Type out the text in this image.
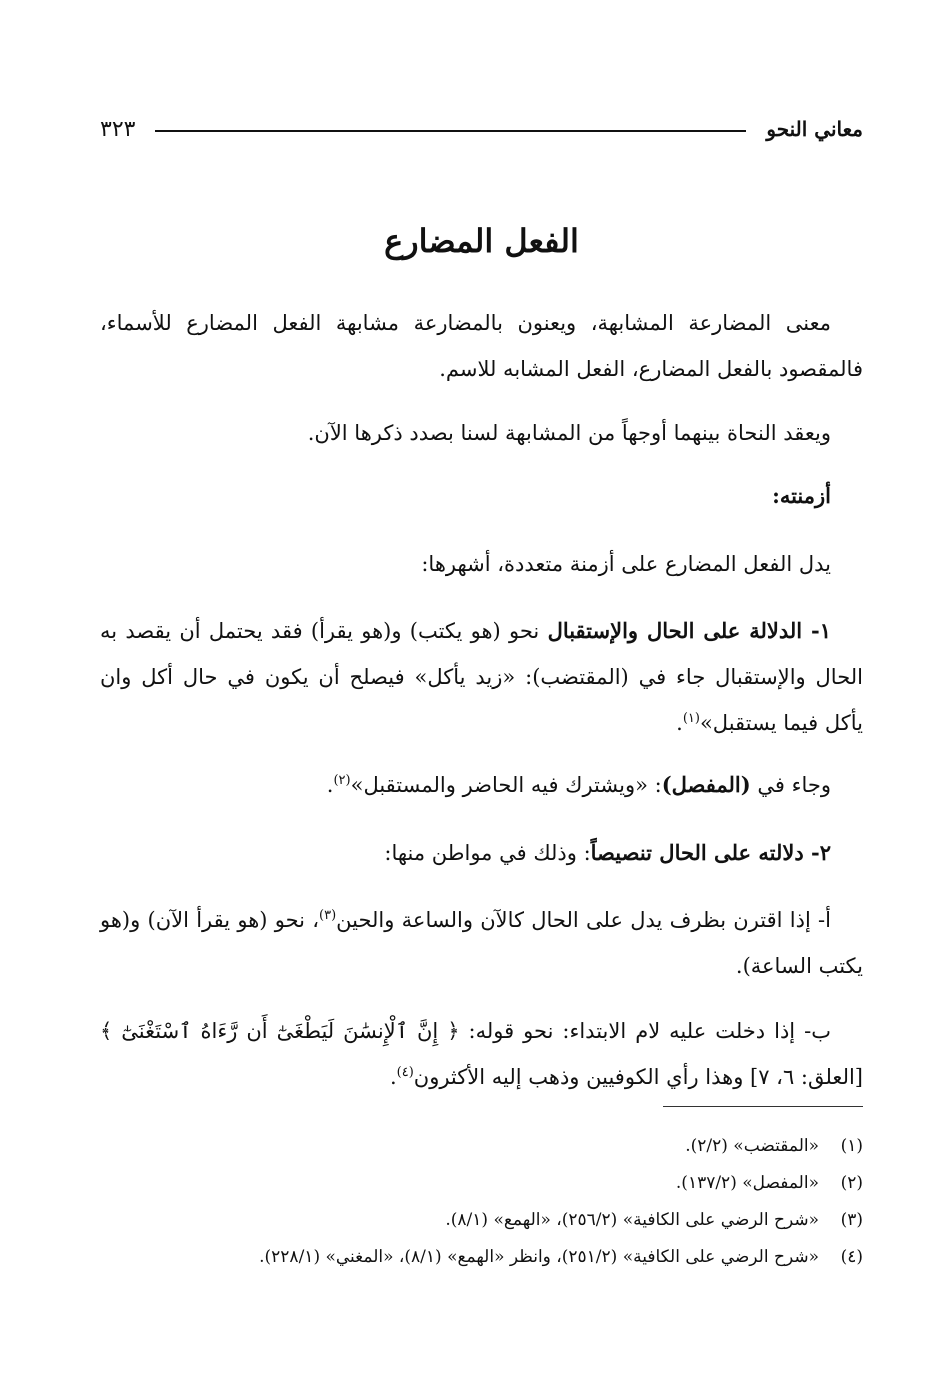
معاني النحو
٣٢٣
الفعل المضارع

معنى المضارعة المشابهة، ويعنون بالمضارعة مشابهة الفعل المضارع للأسماء، فالمقصود بالفعل المضارع، الفعل المشابه للاسم.

ويعقد النحاة بينهما أوجهاً من المشابهة لسنا بصدد ذكرها الآن.

أزمنته:

يدل الفعل المضارع على أزمنة متعددة، أشهرها:

١- الدلالة على الحال والإستقبال نحو (هو يكتب) و(هو يقرأ) فقد يحتمل أن يقصد به الحال والإستقبال جاء في (المقتضب): «زيد يأكل» فيصلح أن يكون في حال أكل وان يأكل فيما يستقبل»$^{(١)}$.

وجاء في (المفصل): «ويشترك فيه الحاضر والمستقبل»$^{(٢)}$.

٢- دلالته على الحال تنصيصاً: وذلك في مواطن منها:

أ- إذا اقترن بظرف يدل على الحال كالآن والساعة والحين$^{(٣)}$، نحو (هو يقرأ الآن) و(هو يكتب الساعة).

ب- إذا دخلت عليه لام الابتداء: نحو قوله: ﴿ إِنَّ ٱلْإِنسَٰنَ لَيَطْغَىٰٓ أَن رَّءَاهُ ٱسْتَغْنَىٰٓ ﴾ [العلق: ٦، ٧] وهذا رأي الكوفيين وذهب إليه الأكثرون$^{(٤)}$.

(١)«المقتضب» (٢/٢).
(٢)«المفصل» (١٣٧/٢).
(٣)«شرح الرضي على الكافية» (٢٥٦/٢)، «الهمع» (٨/١).
(٤)«شرح الرضي على الكافية» (٢٥١/٢)، وانظر «الهمع» (٨/١)، «المغني» (٢٢٨/١).
